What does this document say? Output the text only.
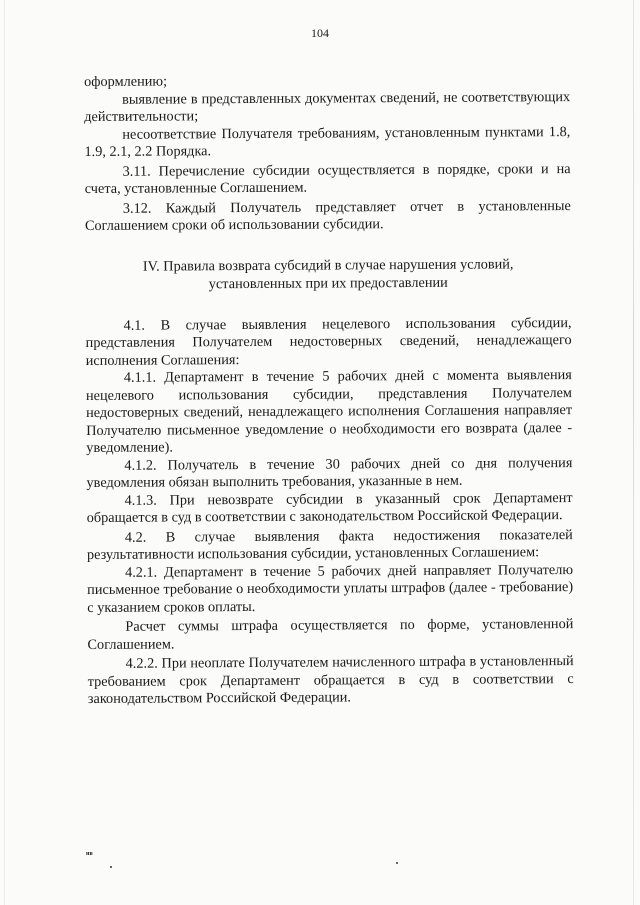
104

оформлению;

выявление в представленных документах сведений, не соответствующих действительности;

несоответствие Получателя требованиям, установленным пунктами 1.8, 1.9, 2.1, 2.2 Порядка.

3.11. Перечисление субсидии осуществляется в порядке, сроки и на счета, установленные Соглашением.

3.12. Каждый Получатель представляет отчет в установленные Соглашением сроки об использовании субсидии.

IV. Правила возврата субсидий в случае нарушения условий,
установленных при их предоставлении

4.1. В случае выявления нецелевого использования субсидии, представления Получателем недостоверных сведений, ненадлежащего исполнения Соглашения:

4.1.1. Департамент в течение 5 рабочих дней с момента выявления нецелевого использования субсидии, представления Получателем недостоверных сведений, ненадлежащего исполнения Соглашения направляет Получателю письменное уведомление о необходимости его возврата (далее - уведомление).

4.1.2. Получатель в течение 30 рабочих дней со дня получения уведомления обязан выполнить требования, указанные в нем.

4.1.3. При невозврате субсидии в указанный срок Департамент обращается в суд в соответствии с законодательством Российской Федерации.

4.2. В случае выявления факта недостижения показателей результативности использования субсидии, установленных Соглашением:

4.2.1. Департамент в течение 5 рабочих дней направляет Получателю письменное требование о необходимости уплаты штрафов (далее - требование) с указанием сроков оплаты.

Расчет суммы штрафа осуществляется по форме, установленной Соглашением.

4.2.2. При неоплате Получателем начисленного штрафа в установленный требованием срок Департамент обращается в суд в соответствии с законодательством Российской Федерации.

нв
